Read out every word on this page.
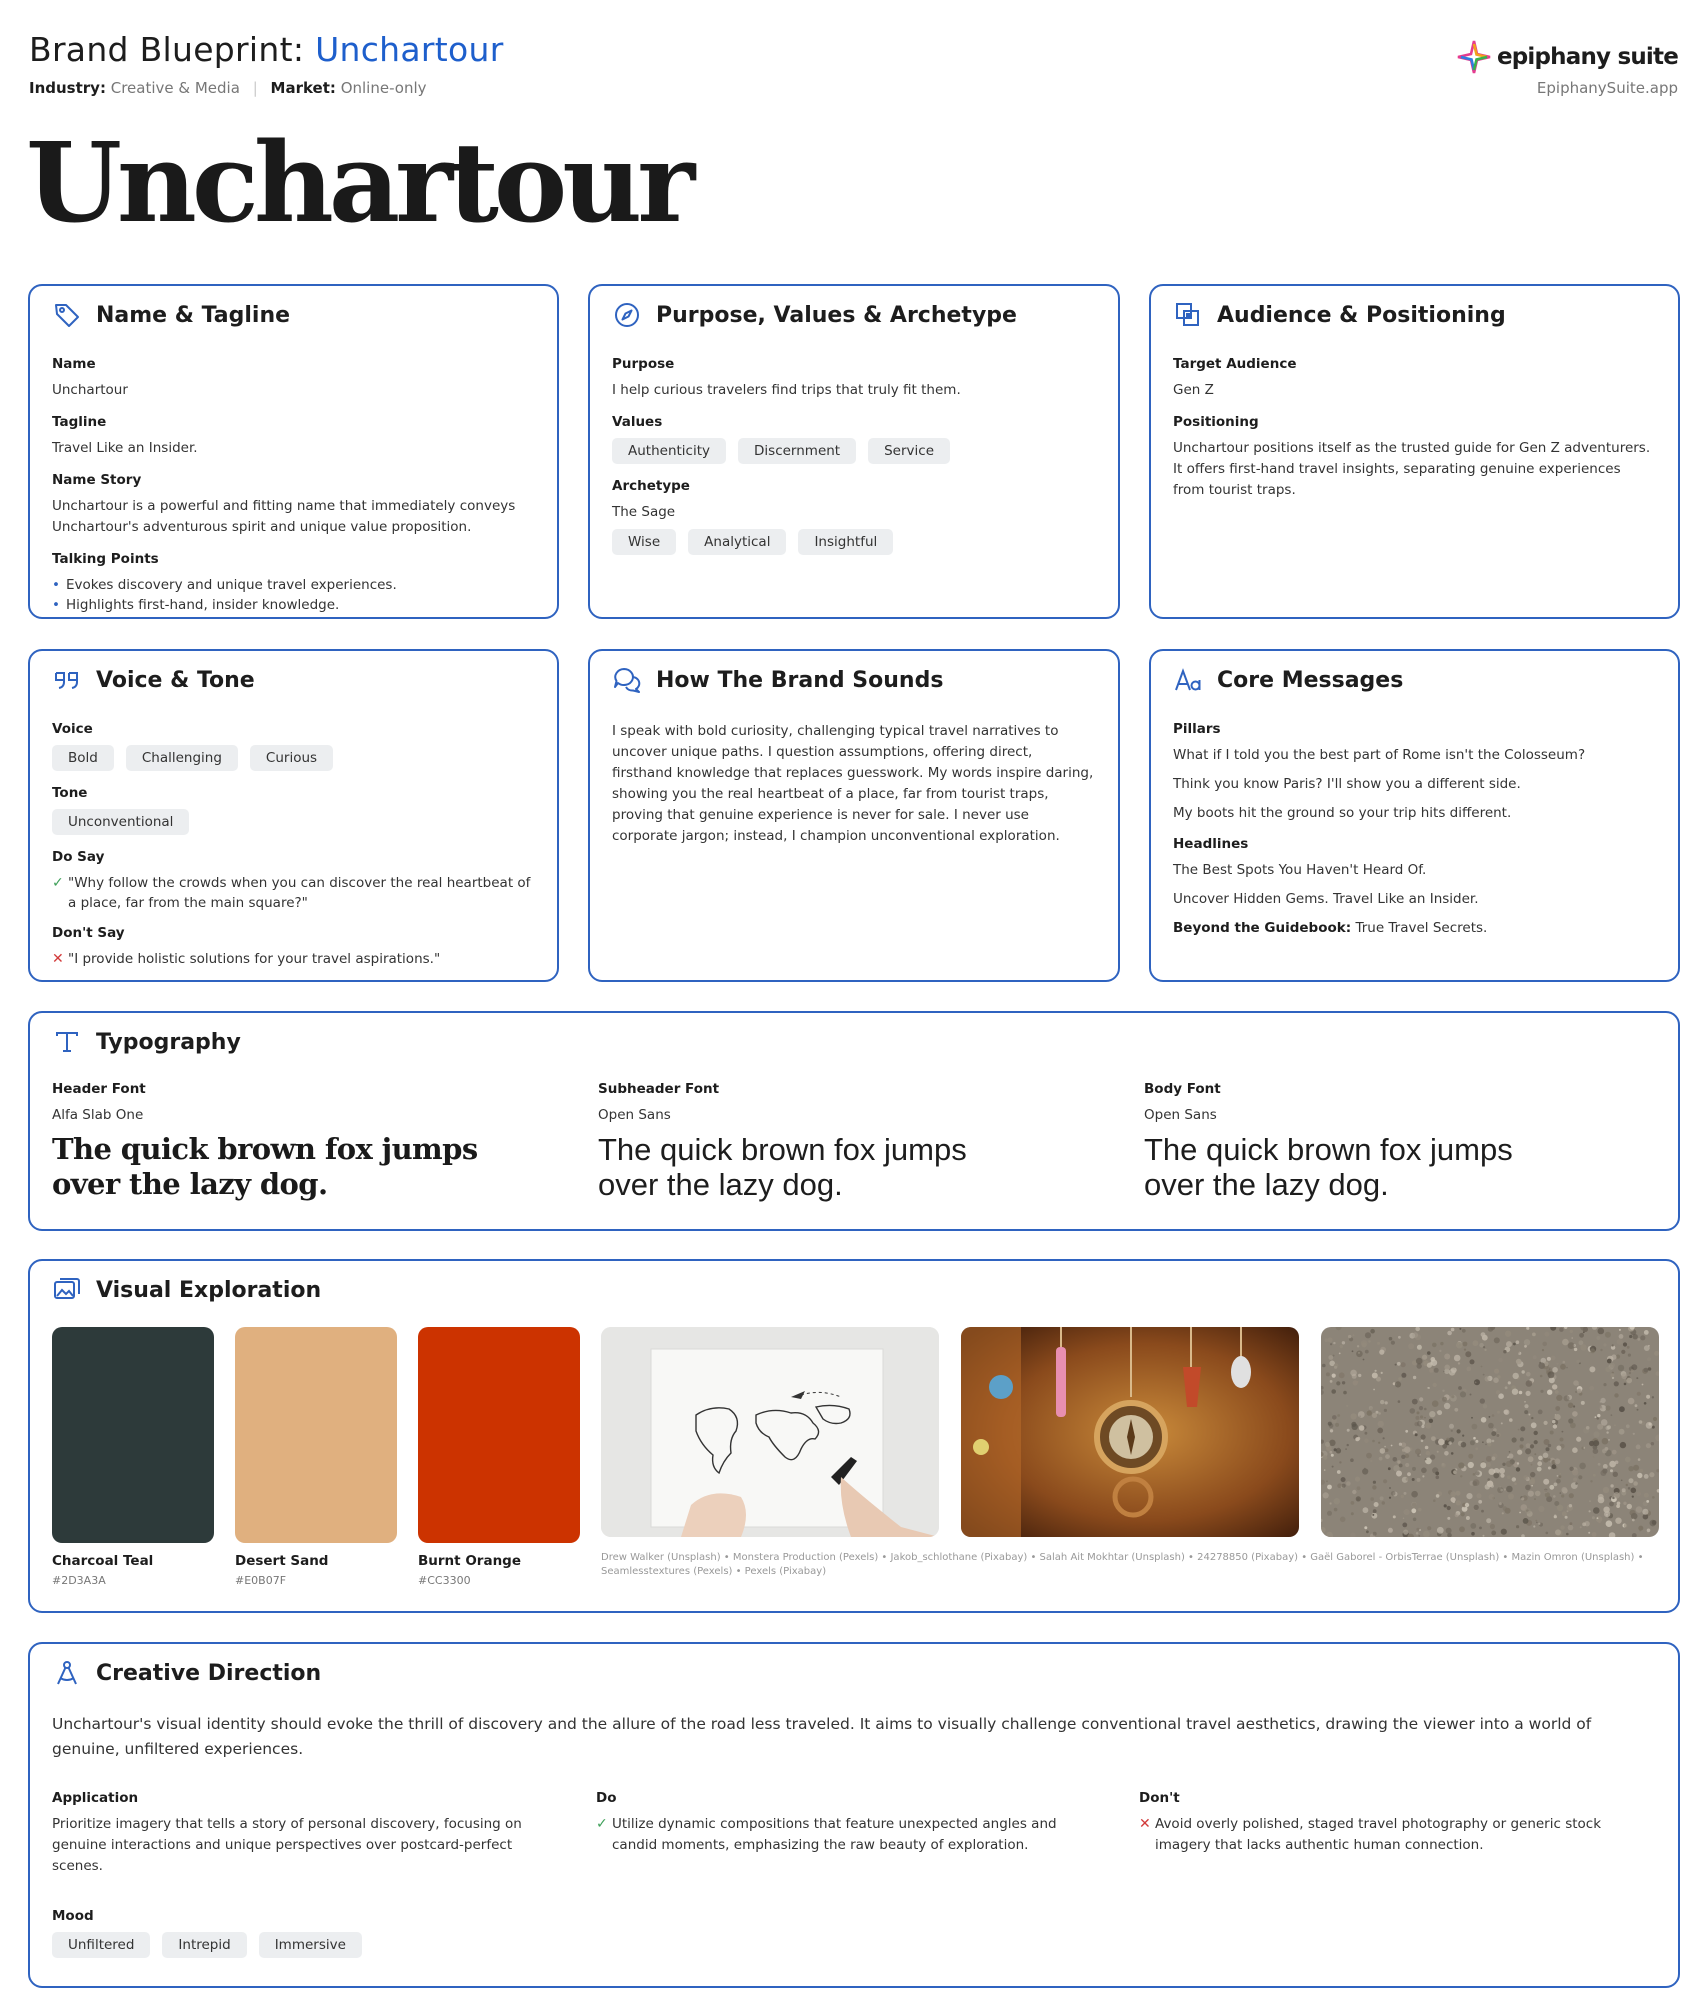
Brand Blueprint: Unchartour
Industry: Creative & Media | Market: Online-only
epiphany suite
EpiphanySuite.app
Unchartour
Name & Tagline
Name
Unchartour
Tagline
Travel Like an Insider.
Name Story
Unchartour is a powerful and fitting name that immediately conveys Unchartour's adventurous spirit and unique value proposition.
Talking Points
• Evokes discovery and unique travel experiences.
• Highlights first-hand, insider knowledge.
Purpose, Values & Archetype
Purpose
I help curious travelers find trips that truly fit them.
Values
Authenticity	Discernment	Service
Archetype
The Sage
Wise	Analytical	Insightful
Audience & Positioning
Target Audience
Gen Z
Positioning
Unchartour positions itself as the trusted guide for Gen Z adventurers. It offers first-hand travel insights, separating genuine experiences from tourist traps.
Voice & Tone
Voice
Bold	Challenging	Curious
Tone
Unconventional
Do Say
✓ "Why follow the crowds when you can discover the real heartbeat of a place, far from the main square?"
Don't Say
✕ "I provide holistic solutions for your travel aspirations."
How The Brand Sounds
I speak with bold curiosity, challenging typical travel narratives to uncover unique paths. I question assumptions, offering direct, firsthand knowledge that replaces guesswork. My words inspire daring, showing you the real heartbeat of a place, far from tourist traps, proving that genuine experience is never for sale. I never use corporate jargon; instead, I champion unconventional exploration.
Core Messages
Pillars
What if I told you the best part of Rome isn't the Colosseum?
Think you know Paris? I'll show you a different side.
My boots hit the ground so your trip hits different.
Headlines
The Best Spots You Haven't Heard Of.
Uncover Hidden Gems. Travel Like an Insider.
Beyond the Guidebook: True Travel Secrets.
Typography
Header Font
Alfa Slab One
The quick brown fox jumps over the lazy dog.
Subheader Font
Open Sans
The quick brown fox jumps over the lazy dog.
Body Font
Open Sans
The quick brown fox jumps over the lazy dog.
Visual Exploration
Charcoal Teal
#2D3A3A
Desert Sand
#E0B07F
Burnt Orange
#CC3300
Drew Walker (Unsplash) • Monstera Production (Pexels) • Jakob_schlothane (Pixabay) • Salah Ait Mokhtar (Unsplash) • 24278850 (Pixabay) • Gaël Gaborel - OrbisTerrae (Unsplash) • Mazin Omron (Unsplash) • Seamlesstextures (Pexels) • Pexels (Pixabay)
Creative Direction
Unchartour's visual identity should evoke the thrill of discovery and the allure of the road less traveled. It aims to visually challenge conventional travel aesthetics, drawing the viewer into a world of genuine, unfiltered experiences.
Application
Prioritize imagery that tells a story of personal discovery, focusing on genuine interactions and unique perspectives over postcard-perfect scenes.
Do
✓ Utilize dynamic compositions that feature unexpected angles and candid moments, emphasizing the raw beauty of exploration.
Don't
✕ Avoid overly polished, staged travel photography or generic stock imagery that lacks authentic human connection.
Mood
Unfiltered	Intrepid	Immersive
